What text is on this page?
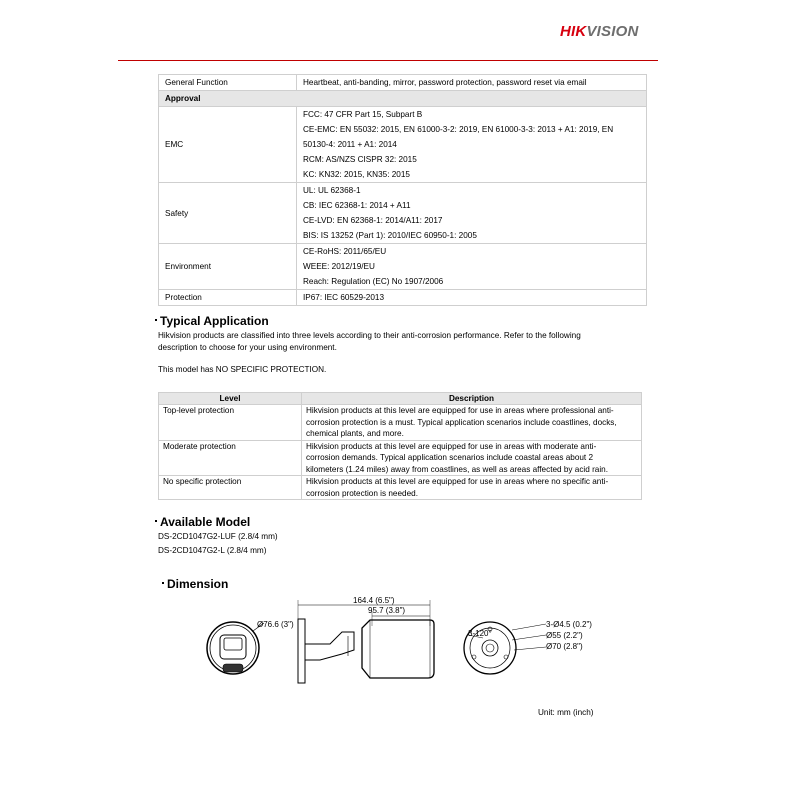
HIKVISION
General Function	Heartbeat, anti-banding, mirror, password protection, password reset via email
Approval	
EMC	FCC: 47 CFR Part 15, Subpart B
CE-EMC: EN 55032: 2015, EN 61000-3-2: 2019, EN 61000-3-3: 2013 + A1: 2019, EN
50130-4: 2011 + A1: 2014
RCM: AS/NZS CISPR 32: 2015
KC: KN32: 2015, KN35: 2015

Safety	UL: UL 62368-1
CB: IEC 62368-1: 2014 + A11
CE-LVD: EN 62368-1: 2014/A11: 2017
BIS: IS 13252 (Part 1): 2010/IEC 60950-1: 2005

Environment	CE-RoHS: 2011/65/EU
WEEE: 2012/19/EU
Reach: Regulation (EC) No 1907/2006

Protection	IP67: IEC 60529-2013
Typical Application
Hikvision products are classified into three levels according to their anti-corrosion performance. Refer to the following
description to choose for your using environment.
This model has NO SPECIFIC PROTECTION.
Level	Description
Top-level protection	Hikvision products at this level are equipped for use in areas where professional anti-
corrosion protection is a must. Typical application scenarios include coastlines, docks,
chemical plants, and more.

Moderate protection	Hikvision products at this level are equipped for use in areas with moderate anti-
corrosion demands. Typical application scenarios include coastal areas about 2
kilometers (1.24 miles) away from coastlines, as well as areas affected by acid rain.

No specific protection	Hikvision products at this level are equipped for use in areas where no specific anti-
corrosion protection is needed.
Available Model
DS-2CD1047G2-LUF (2.8/4 mm)
DS-2CD1047G2-L (2.8/4 mm)
Dimension
Ø76.6 (3")
164.4 (6.5")
95.7 (3.8")
3-120°
3-Ø4.5 (0.2")
Ø55 (2.2")
Ø70 (2.8")
Unit: mm (inch)
